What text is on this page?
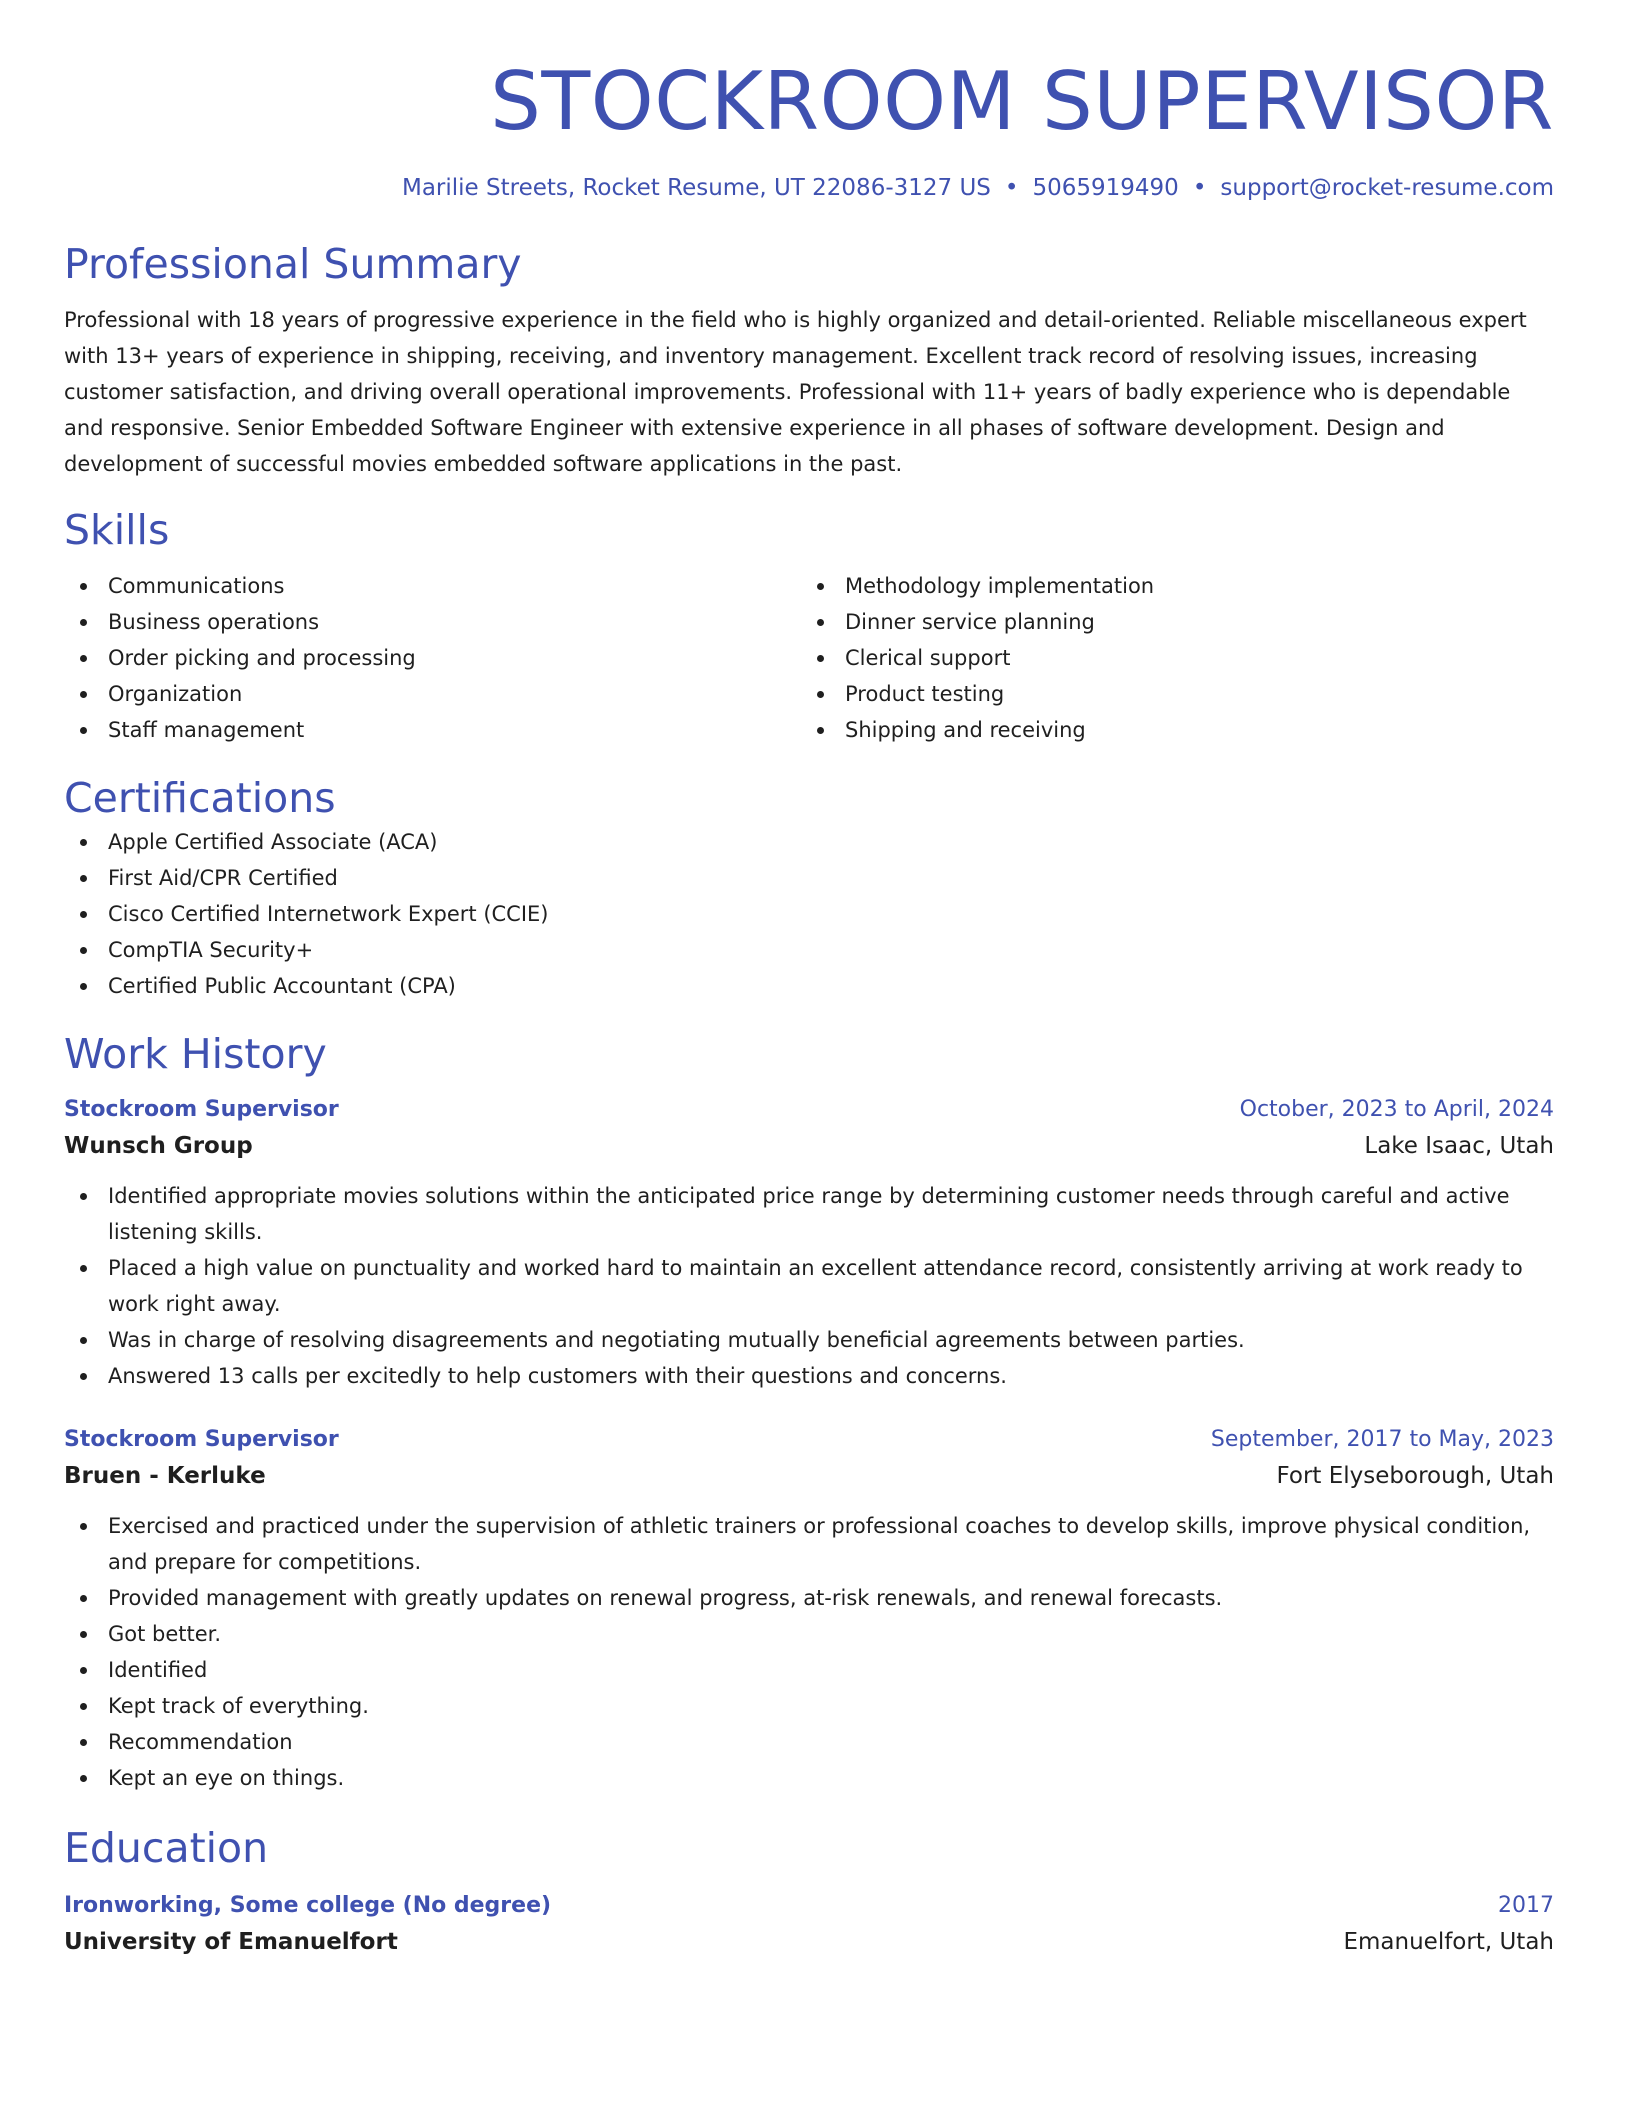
STOCKROOM SUPERVISOR
Marilie Streets, Rocket Resume, UT 22086-3127 US • 5065919490 • support@rocket-resume.com
Professional Summary
Professional with 18 years of progressive experience in the field who is highly organized and detail-oriented. Reliable miscellaneous expert with 13+ years of experience in shipping, receiving, and inventory management. Excellent track record of resolving issues, increasing customer satisfaction, and driving overall operational improvements. Professional with 11+ years of badly experience who is dependable and responsive. Senior Embedded Software Engineer with extensive experience in all phases of software development. Design and development of successful movies embedded software applications in the past.
Skills
Communications
Business operations
Order picking and processing
Organization
Staff management
Methodology implementation
Dinner service planning
Clerical support
Product testing
Shipping and receiving
Certifications
Apple Certified Associate (ACA)
First Aid/CPR Certified
Cisco Certified Internetwork Expert (CCIE)
CompTIA Security+
Certified Public Accountant (CPA)
Work History
Stockroom Supervisor	October, 2023 to April, 2024
Wunsch Group	Lake Isaac, Utah
Identified appropriate movies solutions within the anticipated price range by determining customer needs through careful and active listening skills.
Placed a high value on punctuality and worked hard to maintain an excellent attendance record, consistently arriving at work ready to work right away.
Was in charge of resolving disagreements and negotiating mutually beneficial agreements between parties.
Answered 13 calls per excitedly to help customers with their questions and concerns.
Stockroom Supervisor	September, 2017 to May, 2023
Bruen - Kerluke	Fort Elyseborough, Utah
Exercised and practiced under the supervision of athletic trainers or professional coaches to develop skills, improve physical condition, and prepare for competitions.
Provided management with greatly updates on renewal progress, at-risk renewals, and renewal forecasts.
Got better.
Identified
Kept track of everything.
Recommendation
Kept an eye on things.
Education
Ironworking, Some college (No degree)	2017
University of Emanuelfort	Emanuelfort, Utah
